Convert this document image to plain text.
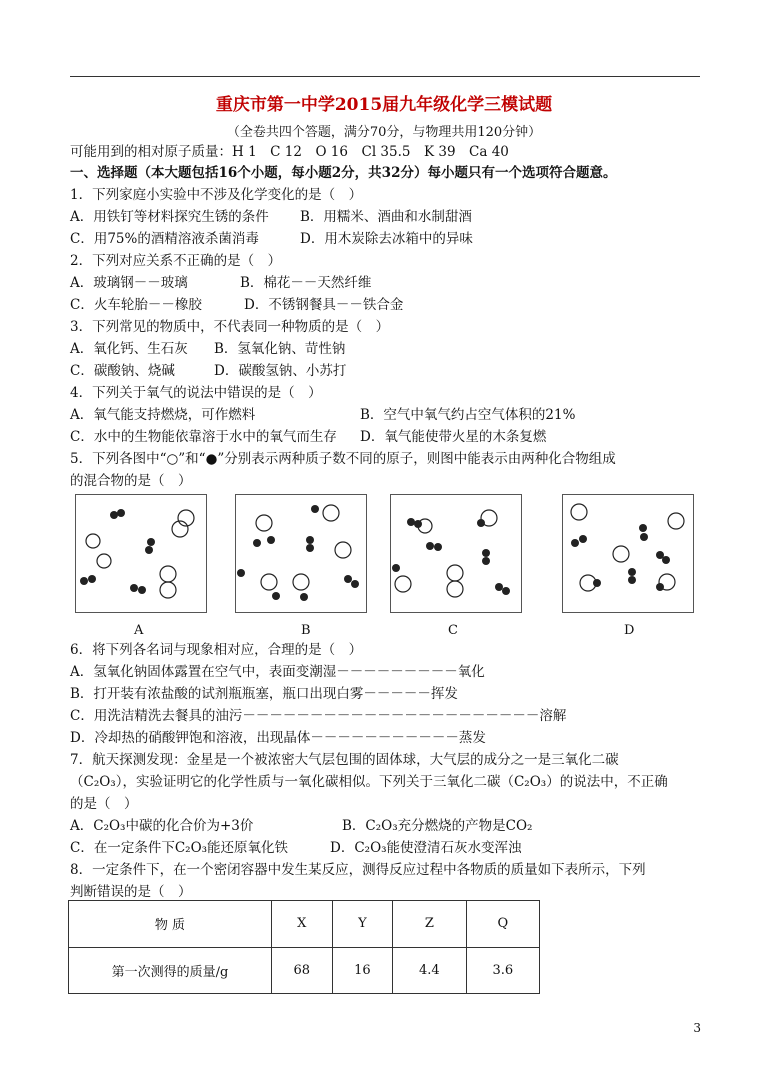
重庆市第一中学2015届九年级化学三模试题
（全卷共四个答题，满分70分，与物理共用120分钟）
可能用到的相对原子质量：H 1　C 12　O 16　Cl 35.5　K 39　Ca 40
一、选择题（本大题包括16个小题，每小题2分，共32分）每小题只有一个选项符合题意。
1．下列家庭小实验中不涉及化学变化的是（　）
A．用铁钉等材料探究生锈的条件 B．用糯米、酒曲和水制甜酒
C．用75%的酒精溶液杀菌消毒	D．用木炭除去冰箱中的异味
2．下列对应关系不正确的是（　）
A．玻璃钢－－玻璃	B．棉花－－天然纤维
C．火车轮胎－－橡胶	D．不锈钢餐具－－铁合金
3．下列常见的物质中，不代表同一种物质的是（　）
A．氧化钙、生石灰 B．氢氧化钠、苛性钠
C．碳酸钠、烧碱	D．碳酸氢钠、小苏打
4．下列关于氧气的说法中错误的是（　）
A．氧气能支持燃烧，可作燃料	B．空气中氧气约占空气体积的21%
C．水中的生物能依靠溶于水中的氧气而生存 D．氧气能使带火星的木条复燃
5．下列各图中“○”和“●”分别表示两种质子数不同的原子，则图中能表示由两种化合物组成
的混合物的是（　）
A	B	C	D
6．将下列各名词与现象相对应，合理的是（　）
A．氢氧化钠固体露置在空气中，表面变潮湿－－－－－－－－－氧化
B．打开装有浓盐酸的试剂瓶瓶塞，瓶口出现白雾－－－－－挥发
C．用洗洁精洗去餐具的油污－－－－－－－－－－－－－－－－－－－－－－溶解
D．冷却热的硝酸钾饱和溶液，出现晶体－－－－－－－－－－－蒸发
7．航天探测发现：金星是一个被浓密大气层包围的固体球，大气层的成分之一是三氧化二碳
（C₂O₃），实验证明它的化学性质与一氧化碳相似。下列关于三氧化二碳（C₂O₃）的说法中，不正确
的是（　）
A．C₂O₃中碳的化合价为+3价	B．C₂O₃充分燃烧的产物是CO₂
C．在一定条件下C₂O₃能还原氧化铁	D．C₂O₃能使澄清石灰水变浑浊
8．一定条件下，在一个密闭容器中发生某反应，测得反应过程中各物质的质量如下表所示，下列
判断错误的是（　）
物 质	X	Y	Z	Q
第一次测得的质量/g	68	16	4.4	3.6
3
